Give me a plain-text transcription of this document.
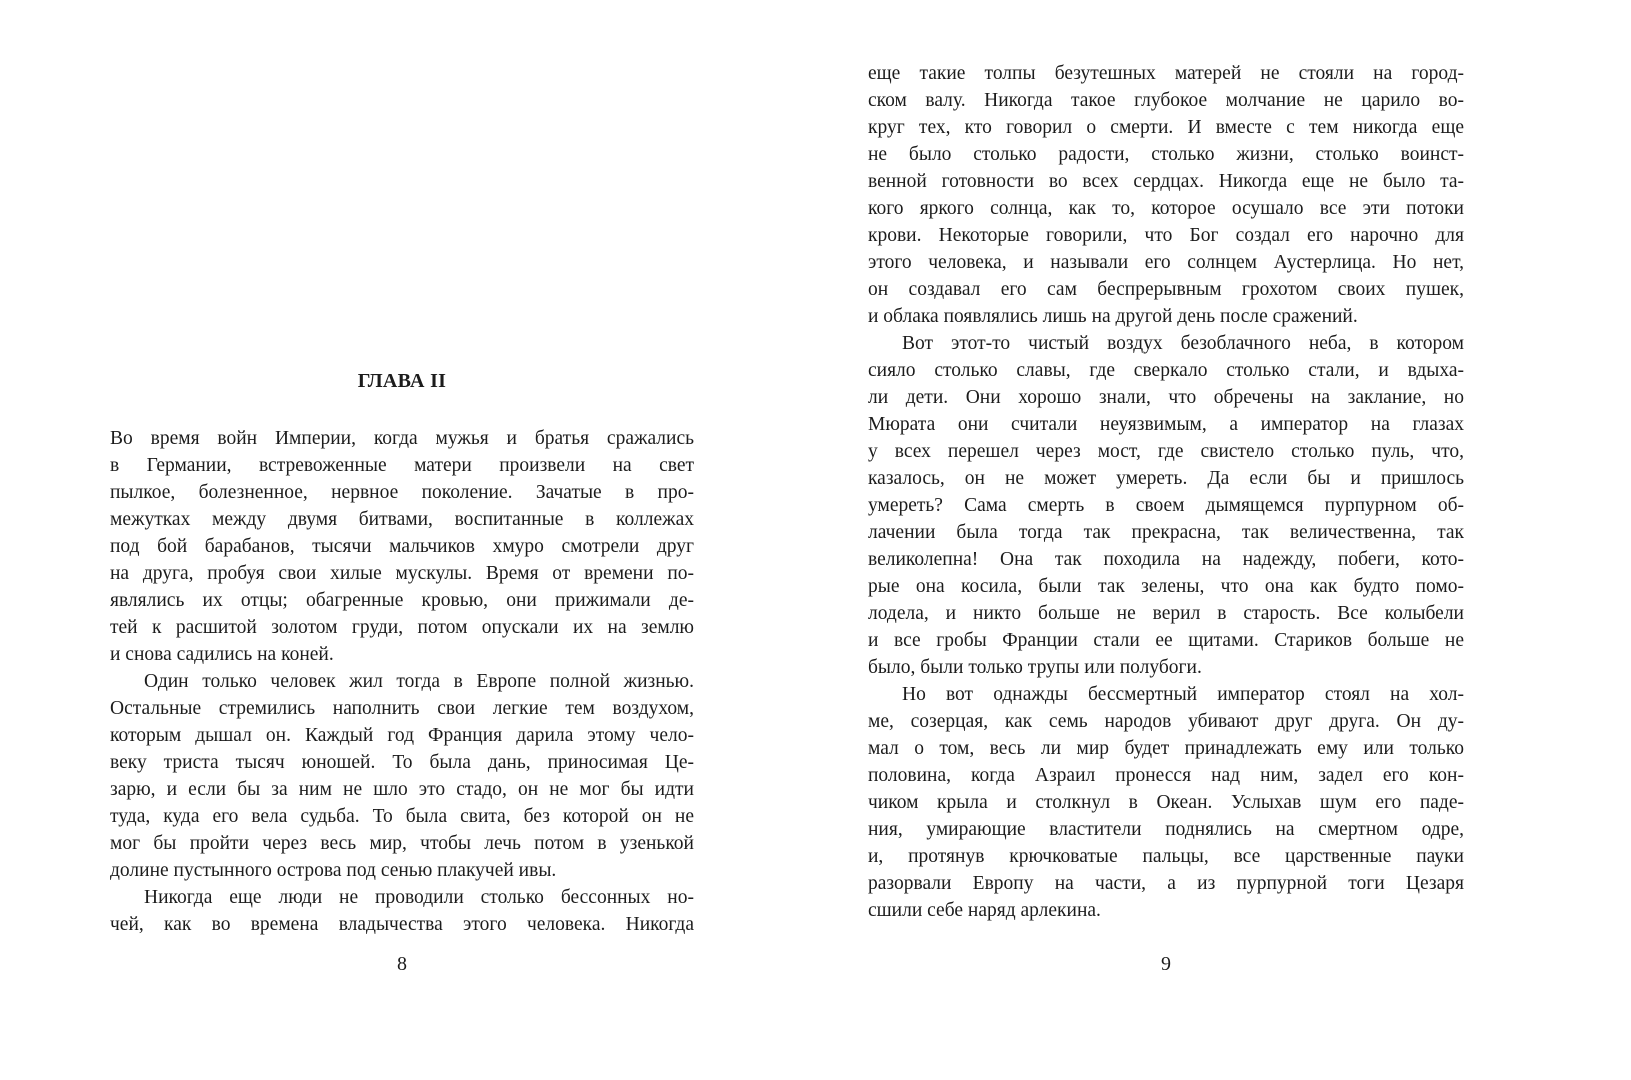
ГЛАВА II
Во время войн Империи, когда мужья и братья сражались
в Германии, встревоженные матери произвели на свет
пылкое, болезненное, нервное поколение. Зачатые в про-
межутках между двумя битвами, воспитанные в коллежах
под бой барабанов, тысячи мальчиков хмуро смотрели друг
на друга, пробуя свои хилые мускулы. Время от времени по-
являлись их отцы; обагренные кровью, они прижимали де-
тей к расшитой золотом груди, потом опускали их на землю
и снова садились на коней.
Один только человек жил тогда в Европе полной жизнью.
Остальные стремились наполнить свои легкие тем воздухом,
которым дышал он. Каждый год Франция дарила этому чело-
веку триста тысяч юношей. То была дань, приносимая Це-
зарю, и если бы за ним не шло это стадо, он не мог бы идти
туда, куда его вела судьба. То была свита, без которой он не
мог бы пройти через весь мир, чтобы лечь потом в узенькой
долине пустынного острова под сенью плакучей ивы.
Никогда еще люди не проводили столько бессонных но-
чей, как во времена владычества этого человека. Никогда
еще такие толпы безутешных матерей не стояли на город-
ском валу. Никогда такое глубокое молчание не царило во-
круг тех, кто говорил о смерти. И вместе с тем никогда еще
не было столько радости, столько жизни, столько воинст-
венной готовности во всех сердцах. Никогда еще не было та-
кого яркого солнца, как то, которое осушало все эти потоки
крови. Некоторые говорили, что Бог создал его нарочно для
этого человека, и называли его солнцем Аустерлица. Но нет,
он создавал его сам беспрерывным грохотом своих пушек,
и облака появлялись лишь на другой день после сражений.
Вот этот-то чистый воздух безоблачного неба, в котором
сияло столько славы, где сверкало столько стали, и вдыха-
ли дети. Они хорошо знали, что обречены на заклание, но
Мюрата они считали неуязвимым, а император на глазах
у всех перешел через мост, где свистело столько пуль, что,
казалось, он не может умереть. Да если бы и пришлось
умереть? Сама смерть в своем дымящемся пурпурном об-
лачении была тогда так прекрасна, так величественна, так
великолепна! Она так походила на надежду, побеги, кото-
рые она косила, были так зелены, что она как будто помо-
лодела, и никто больше не верил в старость. Все колыбели
и все гробы Франции стали ее щитами. Стариков больше не
было, были только трупы или полубоги.
Но вот однажды бессмертный император стоял на хол-
ме, созерцая, как семь народов убивают друг друга. Он ду-
мал о том, весь ли мир будет принадлежать ему или только
половина, когда Азраил пронесся над ним, задел его кон-
чиком крыла и столкнул в Океан. Услыхав шум его паде-
ния, умирающие властители поднялись на смертном одре,
и, протянув крючковатые пальцы, все царственные пауки
разорвали Европу на части, а из пурпурной тоги Цезаря
сшили себе наряд арлекина.
8	9
